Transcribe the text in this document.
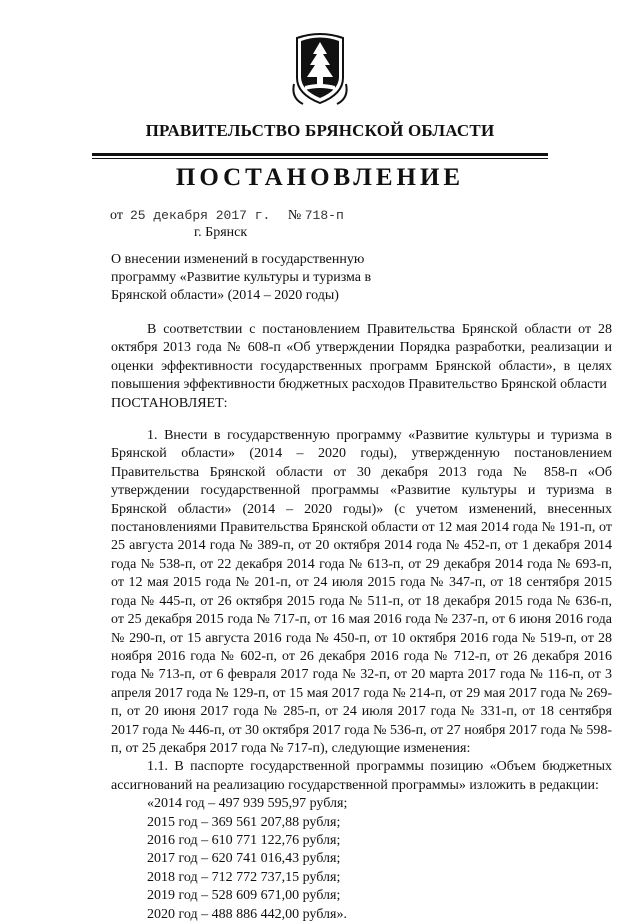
ПРАВИТЕЛЬСТВО БРЯНСКОЙ ОБЛАСТИ
ПОСТАНОВЛЕНИЕ
от 25 декабря 2017 г. № 718-п
г. Брянск
О внесении изменений в государственную
программу «Развитие культуры и туризма в
Брянской области» (2014 – 2020 годы)

В соответствии с постановлением Правительства Брянской области от 28 октября 2013 года № 608-п «Об утверждении Порядка разработки, реализации и оценки эффективности государственных программ Брянской области», в целях повышения эффективности бюджетных расходов Правительство Брянской области

ПОСТАНОВЛЯЕТ:

1. Внести в государственную программу «Развитие культуры и туризма в Брянской области» (2014 – 2020 годы), утвержденную постановлением Правительства Брянской области от 30 декабря 2013 года № 858-п «Об утверждении государственной программы «Развитие культуры и туризма в Брянской области» (2014 – 2020 годы)» (с учетом изменений, внесенных постановлениями Правительства Брянской области от 12 мая 2014 года № 191-п, от 25 августа 2014 года № 389-п, от 20 октября 2014 года № 452-п, от 1 декабря 2014 года № 538-п, от 22 декабря 2014 года № 613-п, от 29 декабря 2014 года № 693-п, от 12 мая 2015 года № 201-п, от 24 июля 2015 года № 347-п, от 18 сентября 2015 года № 445-п, от 26 октября 2015 года № 511-п, от 18 декабря 2015 года № 636-п, от 25 декабря 2015 года № 717-п, от 16 мая 2016 года № 237-п, от 6 июня 2016 года № 290-п, от 15 августа 2016 года № 450-п, от 10 октября 2016 года № 519-п, от 28 ноября 2016 года № 602-п, от 26 декабря 2016 года № 712-п, от 26 декабря 2016 года № 713-п, от 6 февраля 2017 года № 32-п, от 20 марта 2017 года № 116-п, от 3 апреля 2017 года № 129-п, от 15 мая 2017 года № 214-п, от 29 мая 2017 года № 269-п, от 20 июня 2017 года № 285-п, от 24 июля 2017 года № 331-п, от 18 сентября 2017 года № 446-п, от 30 октября 2017 года № 536-п, от 27 ноября 2017 года № 598-п, от 25 декабря 2017 года № 717-п), следующие изменения:

1.1. В паспорте государственной программы позицию «Объем бюджетных ассигнований на реализацию государственной программы» изложить в редакции:

«2014 год – 497 939 595,97 рубля;
2015 год – 369 561 207,88 рубля;
2016 год – 610 771 122,76 рубля;
2017 год – 620 741 016,43 рубля;
2018 год – 712 772 737,15 рубля;
2019 год – 528 609 671,00 рубля;
2020 год – 488 886 442,00 рубля».
